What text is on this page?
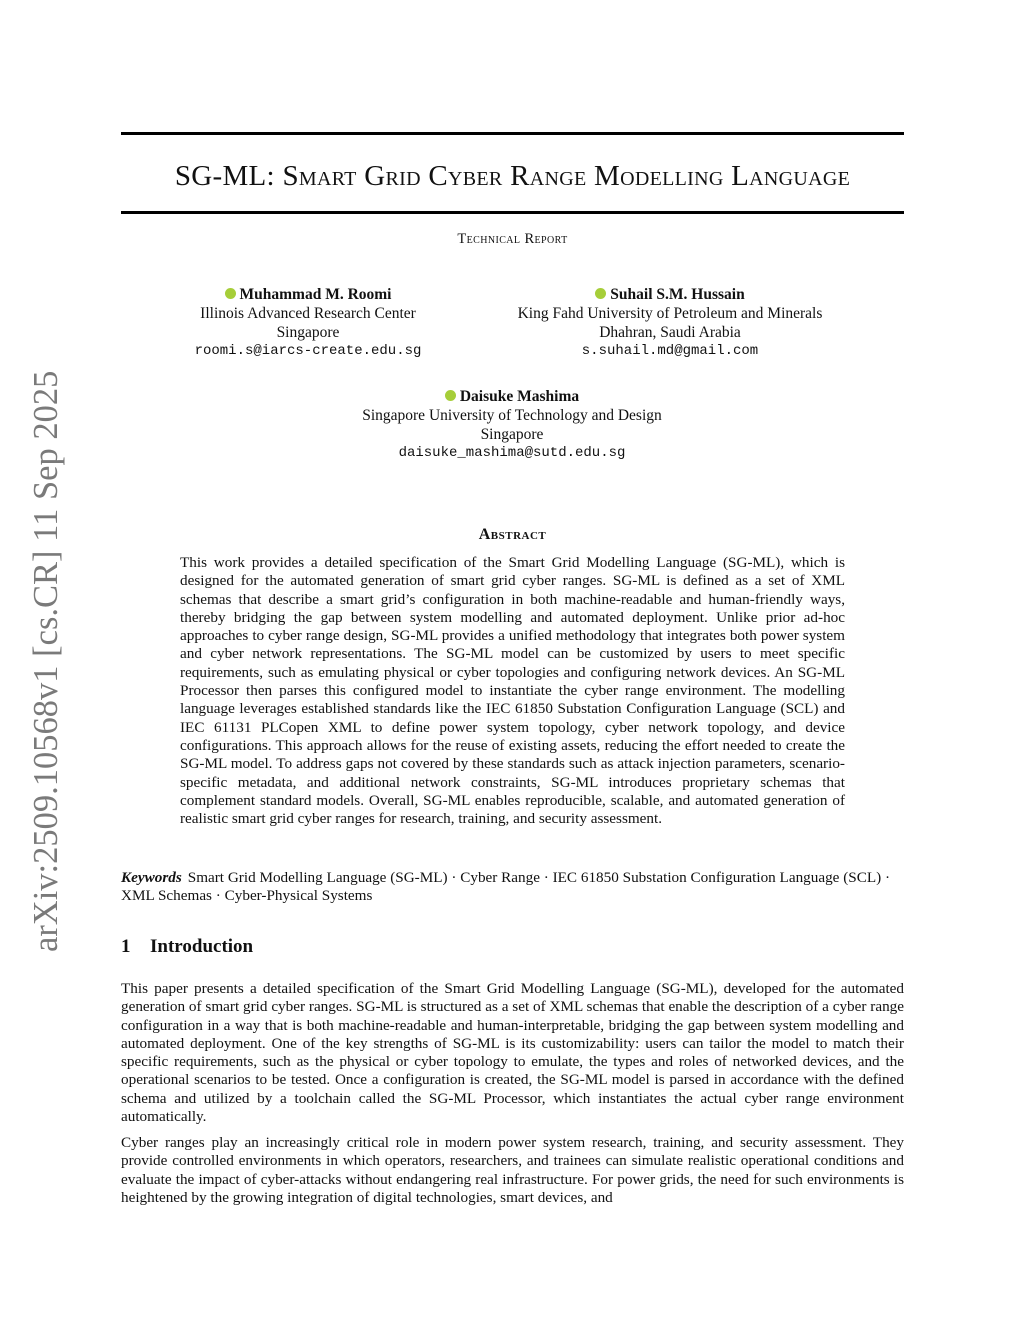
arXiv:2509.10568v1 [cs.CR] 11 Sep 2025
SG-ML: Smart Grid Cyber Range Modelling Language
Technical Report
Muhammad M. Roomi
Illinois Advanced Research Center
Singapore
roomi.s@iarcs-create.edu.sg
Suhail S.M. Hussain
King Fahd University of Petroleum and Minerals
Dhahran, Saudi Arabia
s.suhail.md@gmail.com
Daisuke Mashima
Singapore University of Technology and Design
Singapore
daisuke_mashima@sutd.edu.sg
Abstract

This work provides a detailed specification of the Smart Grid Modelling Language (SG-ML), which is designed for the automated generation of smart grid cyber ranges. SG-ML is defined as a set of XML schemas that describe a smart grid’s configuration in both machine-readable and human-friendly ways, thereby bridging the gap between system modelling and automated deployment. Unlike prior ad-hoc approaches to cyber range design, SG-ML provides a unified methodology that integrates both power system and cyber network representations. The SG-ML model can be customized by users to meet specific requirements, such as emulating physical or cyber topologies and configuring network devices. An SG-ML Processor then parses this configured model to instantiate the cyber range environment. The modelling language leverages established standards like the IEC 61850 Substation Configuration Language (SCL) and IEC 61131 PLCopen XML to define power system topology, cyber network topology, and device configurations. This approach allows for the reuse of existing assets, reducing the effort needed to create the SG-ML model. To address gaps not covered by these standards such as attack injection parameters, scenario-specific metadata, and additional network constraints, SG-ML introduces proprietary schemas that complement standard models. Overall, SG-ML enables reproducible, scalable, and automated generation of realistic smart grid cyber ranges for research, training, and security assessment.

Keywords Smart Grid Modelling Language (SG-ML) · Cyber Range · IEC 61850 Substation Configuration Language (SCL) · XML Schemas · Cyber-Physical Systems

1 Introduction

This paper presents a detailed specification of the Smart Grid Modelling Language (SG-ML), developed for the automated generation of smart grid cyber ranges. SG-ML is structured as a set of XML schemas that enable the description of a cyber range configuration in a way that is both machine-readable and human-interpretable, bridging the gap between system modelling and automated deployment. One of the key strengths of SG-ML is its customizability: users can tailor the model to match their specific requirements, such as the physical or cyber topology to emulate, the types and roles of networked devices, and the operational scenarios to be tested. Once a configuration is created, the SG-ML model is parsed in accordance with the defined schema and utilized by a toolchain called the SG-ML Processor, which instantiates the actual cyber range environment automatically.

Cyber ranges play an increasingly critical role in modern power system research, training, and security assessment. They provide controlled environments in which operators, researchers, and trainees can simulate realistic operational conditions and evaluate the impact of cyber-attacks without endangering real infrastructure. For power grids, the need for such environments is heightened by the growing integration of digital technologies, smart devices, and
